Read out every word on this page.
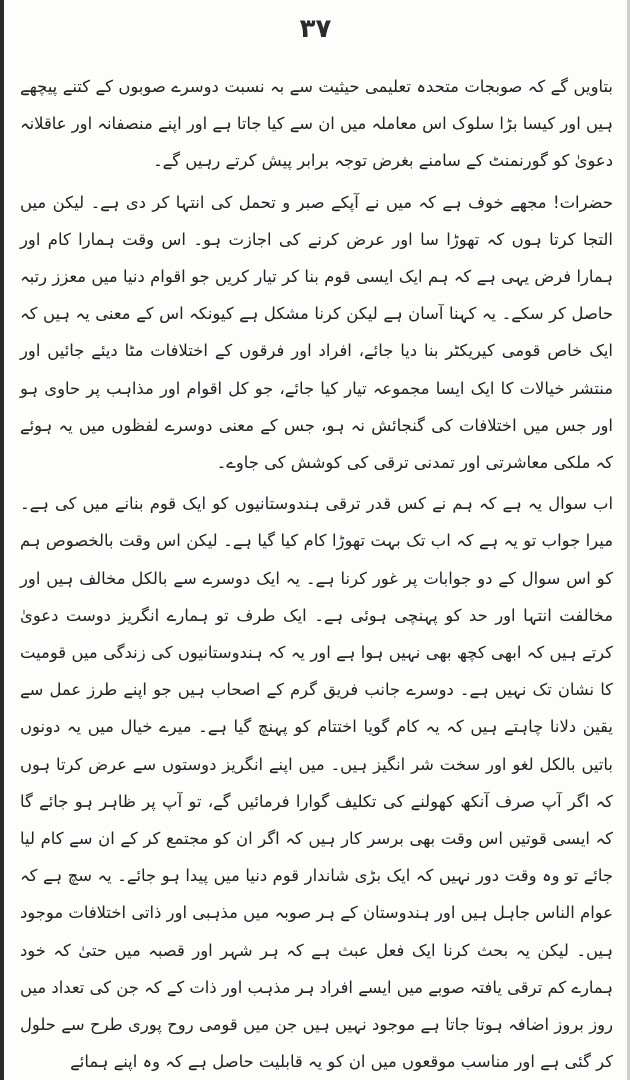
۳۷

بتاویں گے کہ صوبجات متحدہ تعلیمی حیثیت سے بہ نسبت دوسرے صوبوں کے کتنے پیچھے ہیں اور کیسا بڑا سلوک اس معاملہ میں ان سے کیا جاتا ہے اور اپنے منصفانہ اور عاقلانہ دعویٰ کو گورنمنٹ کے سامنے بغرض توجہ برابر پیش کرتے رہیں گے۔

حضرات! مجھے خوف ہے کہ میں نے آپکے صبر و تحمل کی انتہا کر دی ہے۔ لیکن میں التجا کرتا ہوں کہ تھوڑا سا اور عرض کرنے کی اجازت ہو۔ اس وقت ہمارا کام اور ہمارا فرض یہی ہے کہ ہم ایک ایسی قوم بنا کر تیار کریں جو اقوام دنیا میں معزز رتبہ حاصل کر سکے۔ یہ کہنا آسان ہے لیکن کرنا مشکل ہے کیونکہ اس کے معنی یہ ہیں کہ ایک خاص قومی کیریکٹر بنا دیا جائے، افراد اور فرقوں کے اختلافات مٹا دیئے جائیں اور منتشر خیالات کا ایک ایسا مجموعہ تیار کیا جائے، جو کل اقوام اور مذاہب پر حاوی ہو اور جس میں اختلافات کی گنجائش نہ ہو، جس کے معنی دوسرے لفظوں میں یہ ہوئے کہ ملکی معاشرتی اور تمدنی ترقی کی کوشش کی جاوے۔

اب سوال یہ ہے کہ ہم نے کس قدر ترقی ہندوستانیوں کو ایک قوم بنانے میں کی ہے۔ میرا جواب تو یہ ہے کہ اب تک بہت تھوڑا کام کیا گیا ہے۔ لیکن اس وقت بالخصوص ہم کو اس سوال کے دو جوابات پر غور کرنا ہے۔ یہ ایک دوسرے سے بالکل مخالف ہیں اور مخالفت انتہا اور حد کو پہنچی ہوئی ہے۔ ایک طرف تو ہمارے انگریز دوست دعویٰ کرتے ہیں کہ ابھی کچھ بھی نہیں ہوا ہے اور یہ کہ ہندوستانیوں کی زندگی میں قومیت کا نشان تک نہیں ہے۔ دوسرے جانب فریق گرم کے اصحاب ہیں جو اپنے طرز عمل سے یقین دلانا چاہتے ہیں کہ یہ کام گویا اختتام کو پہنچ گیا ہے۔ میرے خیال میں یہ دونوں باتیں بالکل لغو اور سخت شر انگیز ہیں۔ میں اپنے انگریز دوستوں سے عرض کرتا ہوں کہ اگر آپ صرف آنکھ کھولنے کی تکلیف گوارا فرمائیں گے، تو آپ پر ظاہر ہو جائے گا کہ ایسی قوتیں اس وقت بھی برسر کار ہیں کہ اگر ان کو مجتمع کر کے ان سے کام لیا جائے تو وہ وقت دور نہیں کہ ایک بڑی شاندار قوم دنیا میں پیدا ہو جائے۔ یہ سچ ہے کہ عوام الناس جاہل ہیں اور ہندوستان کے ہر صوبہ میں مذہبی اور ذاتی اختلافات موجود ہیں۔ لیکن یہ بحث کرنا ایک فعل عبث ہے کہ ہر شہر اور قصبہ میں حتیٰ کہ خود ہمارے کم ترقی یافتہ صوبے میں ایسے افراد ہر مذہب اور ذات کے کہ جن کی تعداد میں روز بروز اضافہ ہوتا جاتا ہے موجود نہیں ہیں جن میں قومی روح پوری طرح سے حلول کر گئی ہے اور مناسب موقعوں میں ان کو یہ قابلیت حاصل ہے کہ وہ اپنے ہمائے
